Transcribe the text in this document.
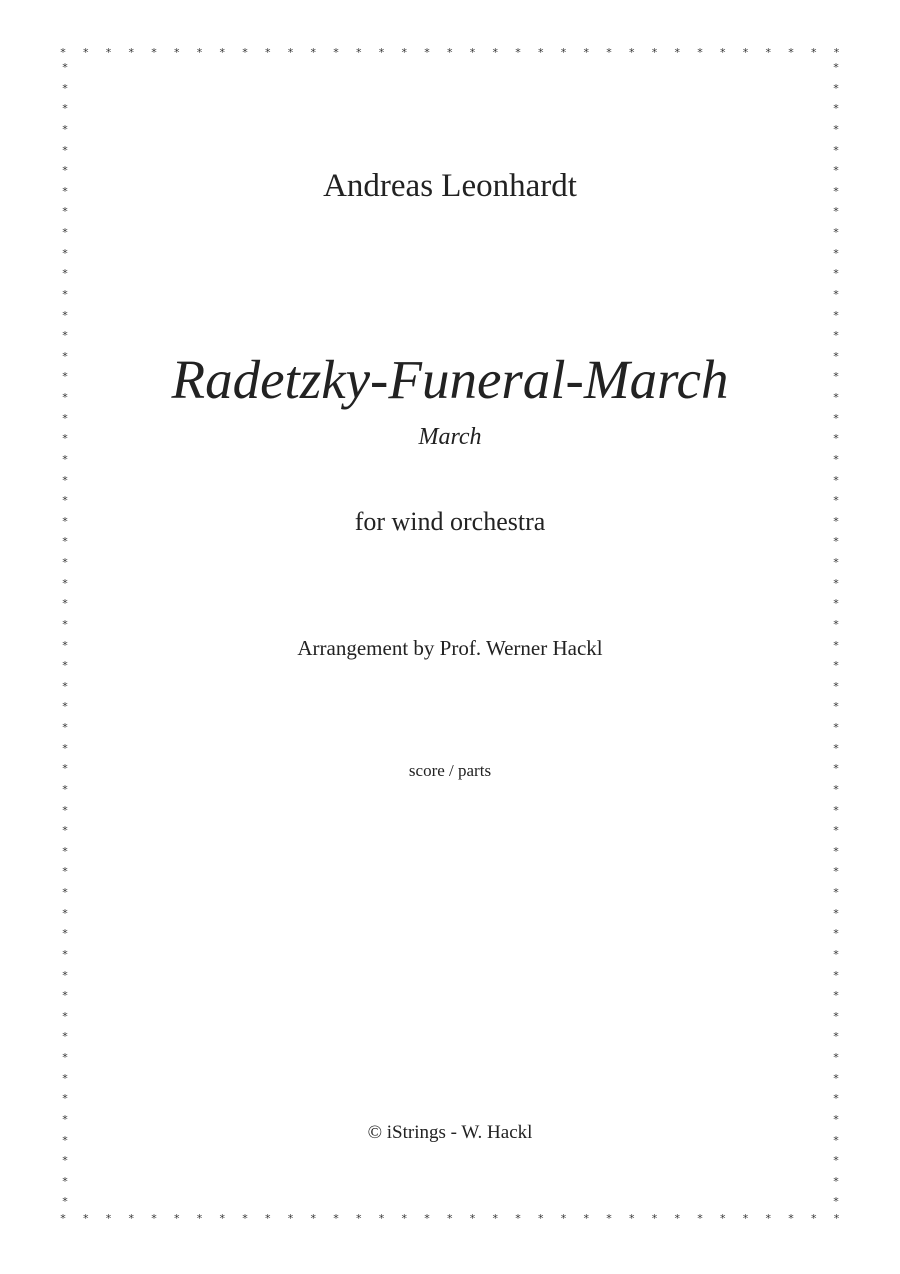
* * * * * * * * * * * * * * * * * * * * * * * * * * * * * * * * * * *
* * * * * * * * * * * * * * * * * * * * * * * * * * * * * * * * * * *
*
*
*
*
*
*
*
*
*
*
*
*
*
*
*
*
*
*
*
*
*
*
*
*
*
*
*
*
*
*
*
*
*
*
*
*
*
*
*
*
*
*
*
*
*
*
*
*
*
*
*
*
*
*
*
*
*
*
*
*
*
*
*
*
*
*
*
*
*
*
*
*
*
*
*
*
*
*
*
*
*
*
*
*
*
*
*
*
*
*
*
*
*
*
*
*
*
*
*
*
*
*
*
*
*
*
*
*
*
*
*
*
Andreas Leonhardt
Radetzky-Funeral-March
March
for wind orchestra
Arrangement by Prof. Werner Hackl
score / parts
© iStrings - W. Hackl
